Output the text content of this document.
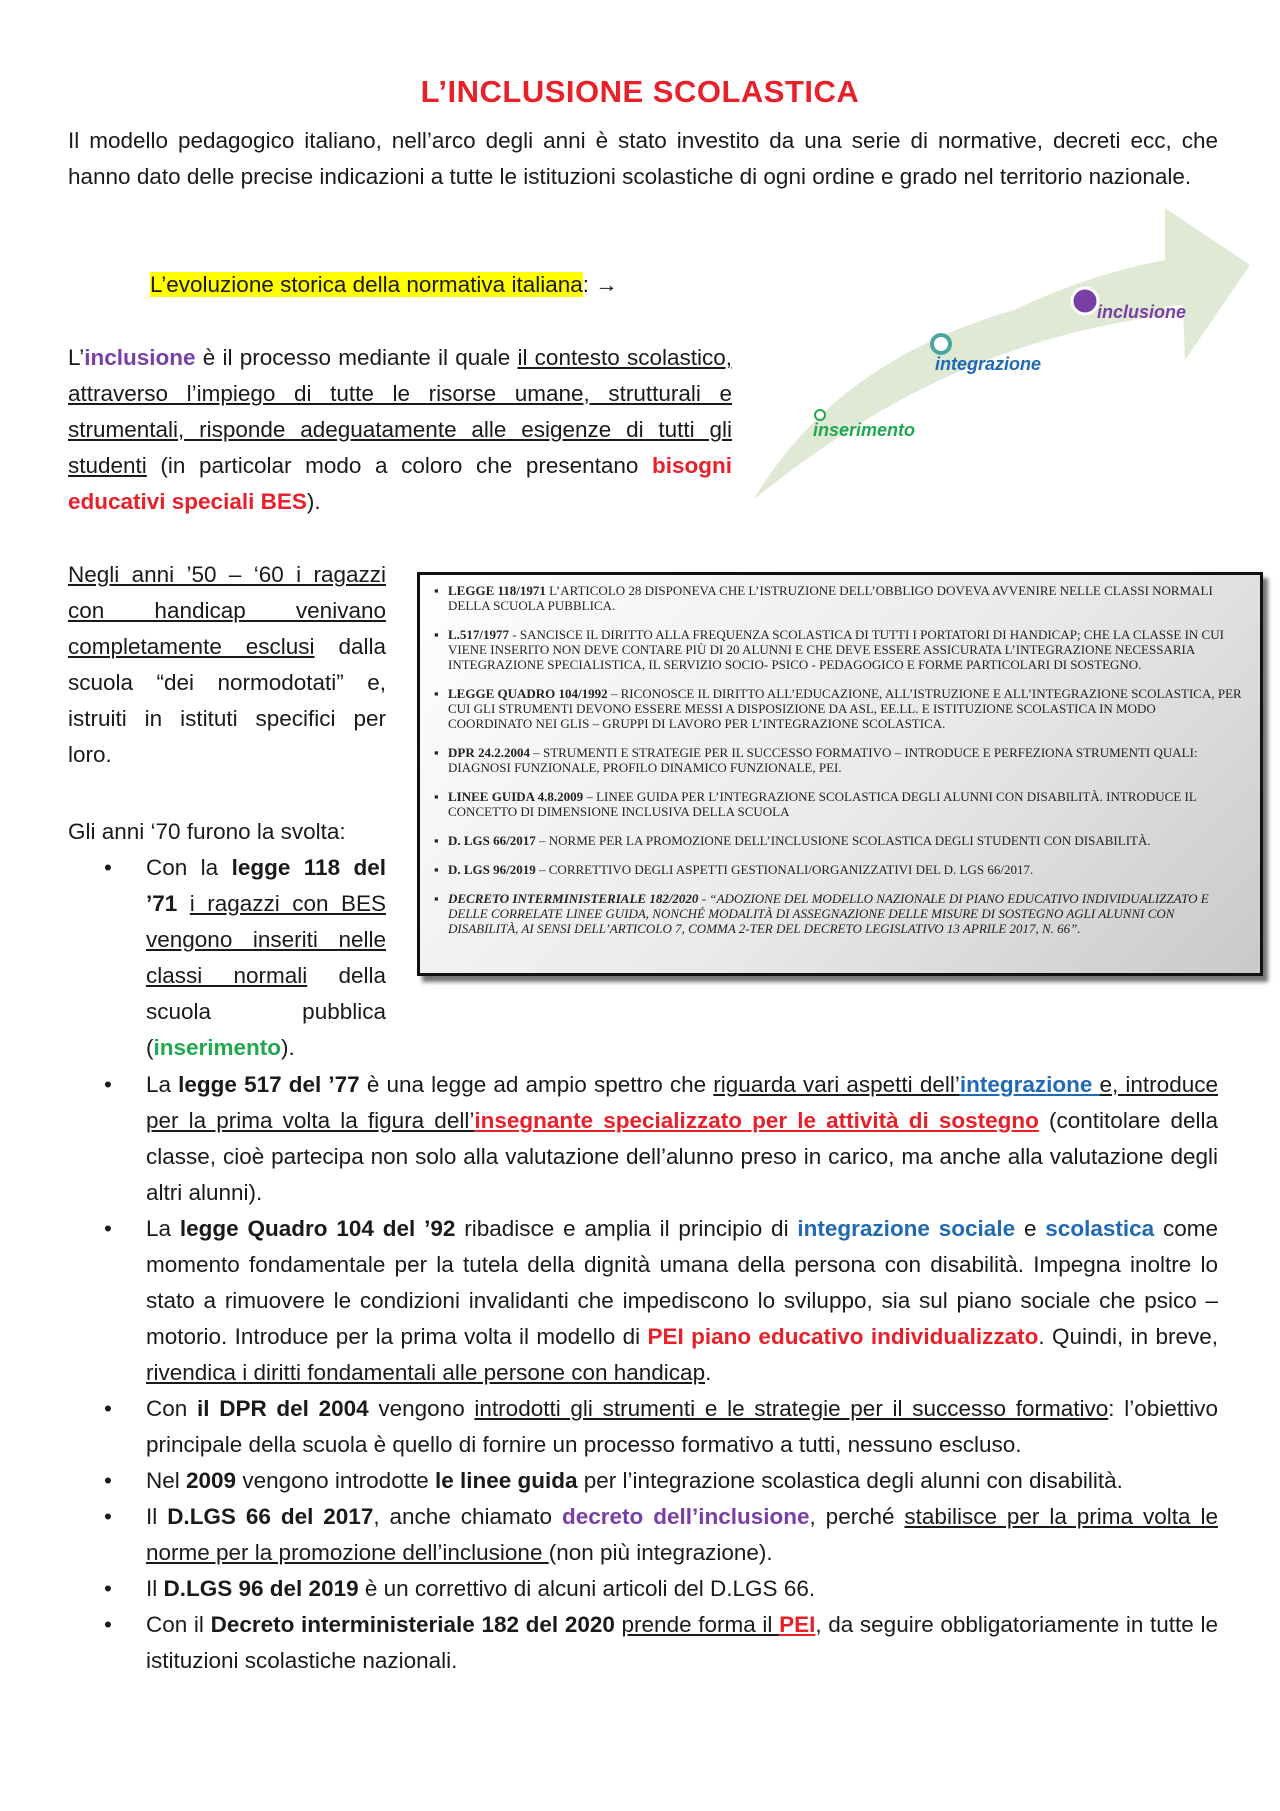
L’INCLUSIONE SCOLASTICA

Il modello pedagogico italiano, nell’arco degli anni è stato investito da una serie di normative, decreti ecc, che hanno dato delle precise indicazioni a tutte le istituzioni scolastiche di ogni ordine e grado nel territorio nazionale.

L’evoluzione storica della normativa italiana: →

inserimento
integrazione
inclusione

L’inclusione è il processo mediante il quale il contesto scolastico, attraverso l’impiego di tutte le risorse umane, strutturali e strumentali, risponde adeguatamente alle esigenze di tutti gli studenti (in particolar modo a coloro che presentano bisogni educativi speciali BES).

Negli anni ’50 – ‘60 i ragazzi con handicap venivano completamente esclusi dalla scuola “dei normodotati” e, istruiti in istituti specifici per loro.

Gli anni ‘70 furono la svolta:

• Con la legge 118 del ’71 i ragazzi con BES vengono inseriti nelle classi normali della scuola pubblica (inserimento).
▪ LEGGE 118/1971 L’ARTICOLO 28 DISPONEVA CHE L’ISTRUZIONE DELL’OBBLIGO DOVEVA AVVENIRE NELLE CLASSI NORMALI DELLA SCUOLA PUBBLICA.
▪ L.517/1977 - SANCISCE IL DIRITTO ALLA FREQUENZA SCOLASTICA DI TUTTI I PORTATORI DI HANDICAP; CHE LA CLASSE IN CUI VIENE INSERITO NON DEVE CONTARE PIÙ DI 20 ALUNNI E CHE DEVE ESSERE ASSICURATA L’INTEGRAZIONE NECESSARIA INTEGRAZIONE SPECIALISTICA, IL SERVIZIO SOCIO- PSICO - PEDAGOGICO E FORME PARTICOLARI DI SOSTEGNO.
▪ LEGGE QUADRO 104/1992 – RICONOSCE IL DIRITTO ALL’EDUCAZIONE, ALL’ISTRUZIONE E ALL’INTEGRAZIONE SCOLASTICA, PER CUI GLI STRUMENTI DEVONO ESSERE MESSI A DISPOSIZIONE DA ASL, EE.LL. E ISTITUZIONE SCOLASTICA IN MODO COORDINATO NEI GLIS – GRUPPI DI LAVORO PER L’INTEGRAZIONE SCOLASTICA.
▪ DPR 24.2.2004 – STRUMENTI E STRATEGIE PER IL SUCCESSO FORMATIVO – INTRODUCE E PERFEZIONA STRUMENTI QUALI: DIAGNOSI FUNZIONALE, PROFILO DINAMICO FUNZIONALE, PEI.
▪ LINEE GUIDA 4.8.2009 – LINEE GUIDA PER L’INTEGRAZIONE SCOLASTICA DEGLI ALUNNI CON DISABILITÀ. INTRODUCE IL CONCETTO DI DIMENSIONE INCLUSIVA DELLA SCUOLA
▪ D. LGS 66/2017 – NORME PER LA PROMOZIONE DELL’INCLUSIONE SCOLASTICA DEGLI STUDENTI CON DISABILITÀ.
▪ D. LGS 96/2019 – CORRETTIVO DEGLI ASPETTI GESTIONALI/ORGANIZZATIVI DEL D. LGS 66/2017.
▪ DECRETO INTERMINISTERIALE 182/2020 - “ADOZIONE DEL MODELLO NAZIONALE DI PIANO EDUCATIVO INDIVIDUALIZZATO E DELLE CORRELATE LINEE GUIDA, NONCHÉ MODALITÀ DI ASSEGNAZIONE DELLE MISURE DI SOSTEGNO AGLI ALUNNI CON DISABILITÀ, AI SENSI DELL’ARTICOLO 7, COMMA 2-TER DEL DECRETO LEGISLATIVO 13 APRILE 2017, N. 66”.
• La legge 517 del ’77 è una legge ad ampio spettro che riguarda vari aspetti dell’integrazione e, introduce per la prima volta la figura dell’insegnante specializzato per le attività di sostegno (contitolare della classe, cioè partecipa non solo alla valutazione dell’alunno preso in carico, ma anche alla valutazione degli altri alunni).
• La legge Quadro 104 del ’92 ribadisce e amplia il principio di integrazione sociale e scolastica come momento fondamentale per la tutela della dignità umana della persona con disabilità. Impegna inoltre lo stato a rimuovere le condizioni invalidanti che impediscono lo sviluppo, sia sul piano sociale che psico – motorio. Introduce per la prima volta il modello di PEI piano educativo individualizzato. Quindi, in breve, rivendica i diritti fondamentali alle persone con handicap.
• Con il DPR del 2004 vengono introdotti gli strumenti e le strategie per il successo formativo: l’obiettivo principale della scuola è quello di fornire un processo formativo a tutti, nessuno escluso.
• Nel 2009 vengono introdotte le linee guida per l’integrazione scolastica degli alunni con disabilità.
• Il D.LGS 66 del 2017, anche chiamato decreto dell’inclusione, perché stabilisce per la prima volta le norme per la promozione dell’inclusione (non più integrazione).
• Il D.LGS 96 del 2019 è un correttivo di alcuni articoli del D.LGS 66.
• Con il Decreto interministeriale 182 del 2020 prende forma il PEI, da seguire obbligatoriamente in tutte le istituzioni scolastiche nazionali.
